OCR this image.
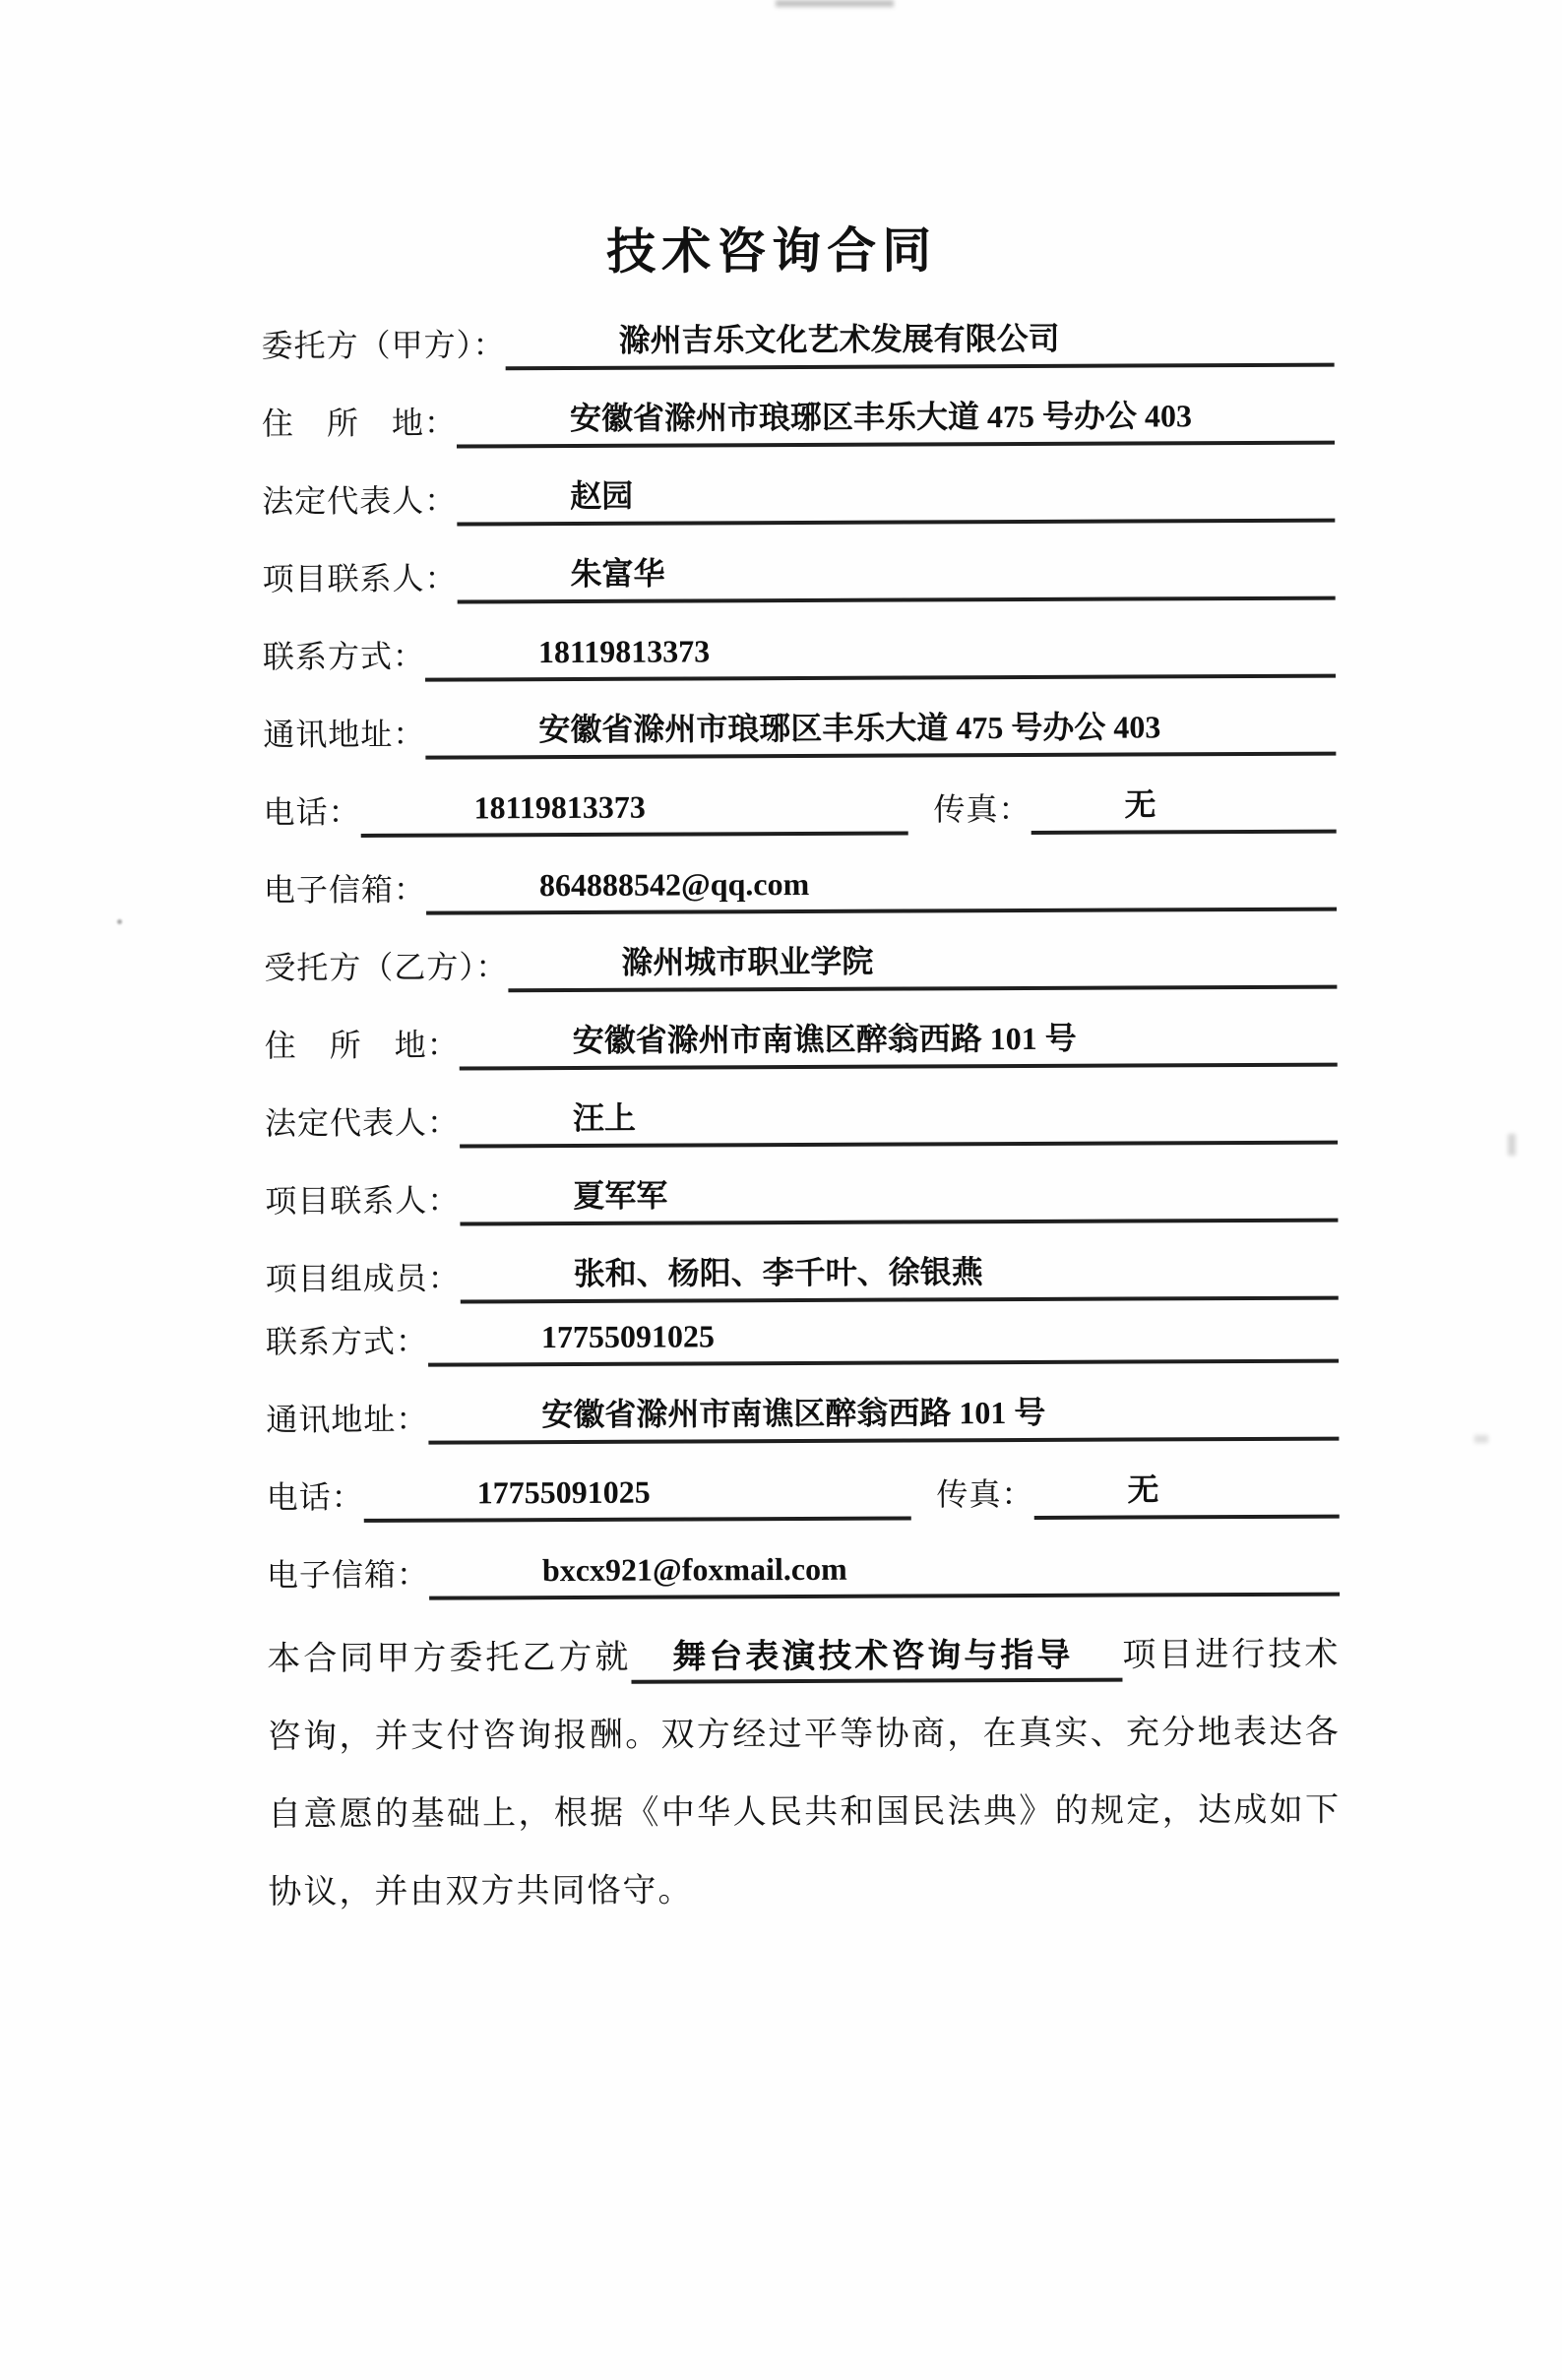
技术咨询合同
委托方（甲方）：	滁州吉乐文化艺术发展有限公司
住　所　地：	安徽省滁州市琅琊区丰乐大道 475 号办公 403
法定代表人：	赵园
项目联系人：	朱富华
联系方式：	18119813373
通讯地址：	安徽省滁州市琅琊区丰乐大道 475 号办公 403
电话：	18119813373	传真：	无
电子信箱：	864888542@qq.com
受托方（乙方）：	滁州城市职业学院
住　所　地：	安徽省滁州市南谯区醉翁西路 101 号
法定代表人：	汪上
项目联系人：	夏军军
项目组成员：	张和、杨阳、李千叶、徐银燕
联系方式：	17755091025
通讯地址：	安徽省滁州市南谯区醉翁西路 101 号
电话：	17755091025	传真：	无
电子信箱：	bxcx921@foxmail.com

本合同甲方委托乙方就 舞台表演技术咨询与指导 项目进行技术咨询，并支付咨询报酬。双方经过平等协商，在真实、充分地表达各自意愿的基础上，根据《中华人民共和国民法典》的规定，达成如下协议，并由双方共同恪守。
